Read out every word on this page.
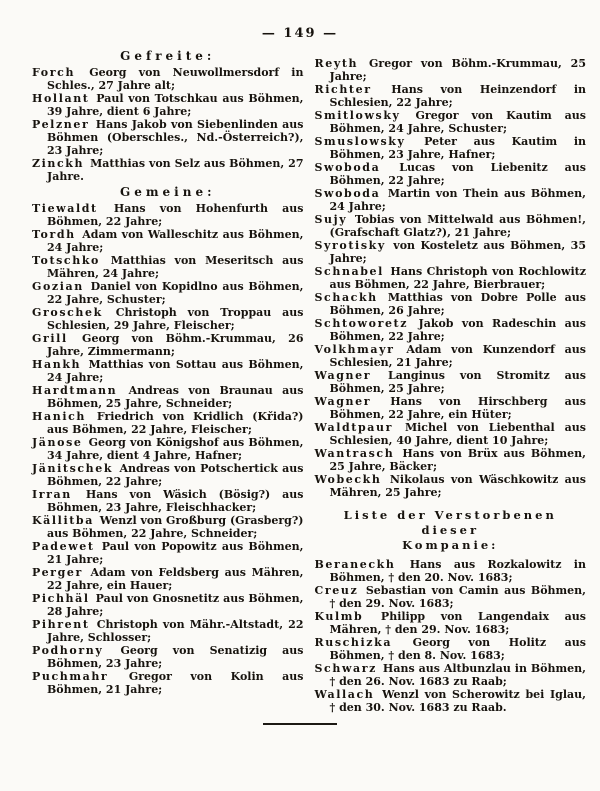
— 149 —
Gefreite:

Forch Georg von Neuwollmersdorf in Schles., 27 Jahre alt;

Hollant Paul von Totschkau aus Böhmen, 39 Jahre, dient 6 Jahre;

Pelzner Hans Jakob von Siebenlinden aus Böhmen (Oberschles., Nd.-Österreich?), 23 Jahre;

Zinckh Matthias von Selz aus Böhmen, 27 Jahre.

Gemeine:

Tiewaldt Hans von Hohenfurth aus Böhmen, 22 Jahre;

Tordh Adam von Walleschitz aus Böhmen, 24 Jahre;

Totschko Matthias von Meseritsch aus Mähren, 24 Jahre;

Gozian Daniel von Kopidlno aus Böhmen, 22 Jahre, Schuster;

Groschek Christoph von Troppau aus Schlesien, 29 Jahre, Fleischer;

Grill Georg von Böhm.-Krummau, 26 Jahre, Zimmermann;

Hankh Matthias von Sottau aus Böhmen, 24 Jahre;

Hardtmann Andreas von Braunau aus Böhmen, 25 Jahre, Schneider;

Hanich Friedrich von Kridlich (Křida?) aus Böhmen, 22 Jahre, Fleischer;

Jänose Georg von Königshof aus Böhmen, 34 Jahre, dient 4 Jahre, Hafner;

Jänitschek Andreas von Potschertick aus Böhmen, 22 Jahre;

Irran Hans von Wäsich (Bösig?) aus Böhmen, 23 Jahre, Fleischhacker;

Källitba Wenzl von Großburg (Grasberg?) aus Böhmen, 22 Jahre, Schneider;

Padewet Paul von Popowitz aus Böhmen, 21 Jahre;

Perger Adam von Feldsberg aus Mähren, 22 Jahre, ein Hauer;

Pichhäl Paul von Gnosnetitz aus Böhmen, 28 Jahre;

Pihrent Christoph von Mähr.-Altstadt, 22 Jahre, Schlosser;

Podhorny Georg von Senatizig aus Böhmen, 23 Jahre;

Puchmahr Gregor von Kolin aus Böhmen, 21 Jahre;

Reyth Gregor von Böhm.-Krummau, 25 Jahre;

Richter Hans von Heinzendorf in Schlesien, 22 Jahre;

Smitlowsky Gregor von Kautim aus Böhmen, 24 Jahre, Schuster;

Smuslowsky Peter aus Kautim in Böhmen, 23 Jahre, Hafner;

Swoboda Lucas von Liebenitz aus Böhmen, 22 Jahre;

Swoboda Martin von Thein aus Böhmen, 24 Jahre;

Sujy Tobias von Mittelwald aus Böhmen!, (Grafschaft Glatz?), 21 Jahre;

Syrotisky von Kosteletz aus Böhmen, 35 Jahre;

Schnabel Hans Christoph von Rochlowitz aus Böhmen, 22 Jahre, Bierbrauer;

Schackh Matthias von Dobre Polle aus Böhmen, 26 Jahre;

Schtoworetz Jakob von Radeschin aus Böhmen, 22 Jahre;

Volkhmayr Adam von Kunzendorf aus Schlesien, 21 Jahre;

Wagner Langinus von Stromitz aus Böhmen, 25 Jahre;

Wagner Hans von Hirschberg aus Böhmen, 22 Jahre, ein Hüter;

Waldtpaur Michel von Liebenthal aus Schlesien, 40 Jahre, dient 10 Jahre;

Wantrasch Hans von Brüx aus Böhmen, 25 Jahre, Bäcker;

Wobeckh Nikolaus von Wäschkowitz aus Mähren, 25 Jahre;

Liste der Verstorbenen dieser
Kompanie:

Beraneckh Hans aus Rozkalowitz in Böhmen, † den 20. Nov. 1683;

Creuz Sebastian von Camin aus Böhmen, † den 29. Nov. 1683;

Kulmb Philipp von Langendaix aus Mähren, † den 29. Nov. 1683;

Ruschizka Georg von Holitz aus Böhmen, † den 8. Nov. 1683;

Schwarz Hans aus Altbunzlau in Böhmen, † den 26. Nov. 1683 zu Raab;

Wallach Wenzl von Scherowitz bei Iglau, † den 30. Nov. 1683 zu Raab.
